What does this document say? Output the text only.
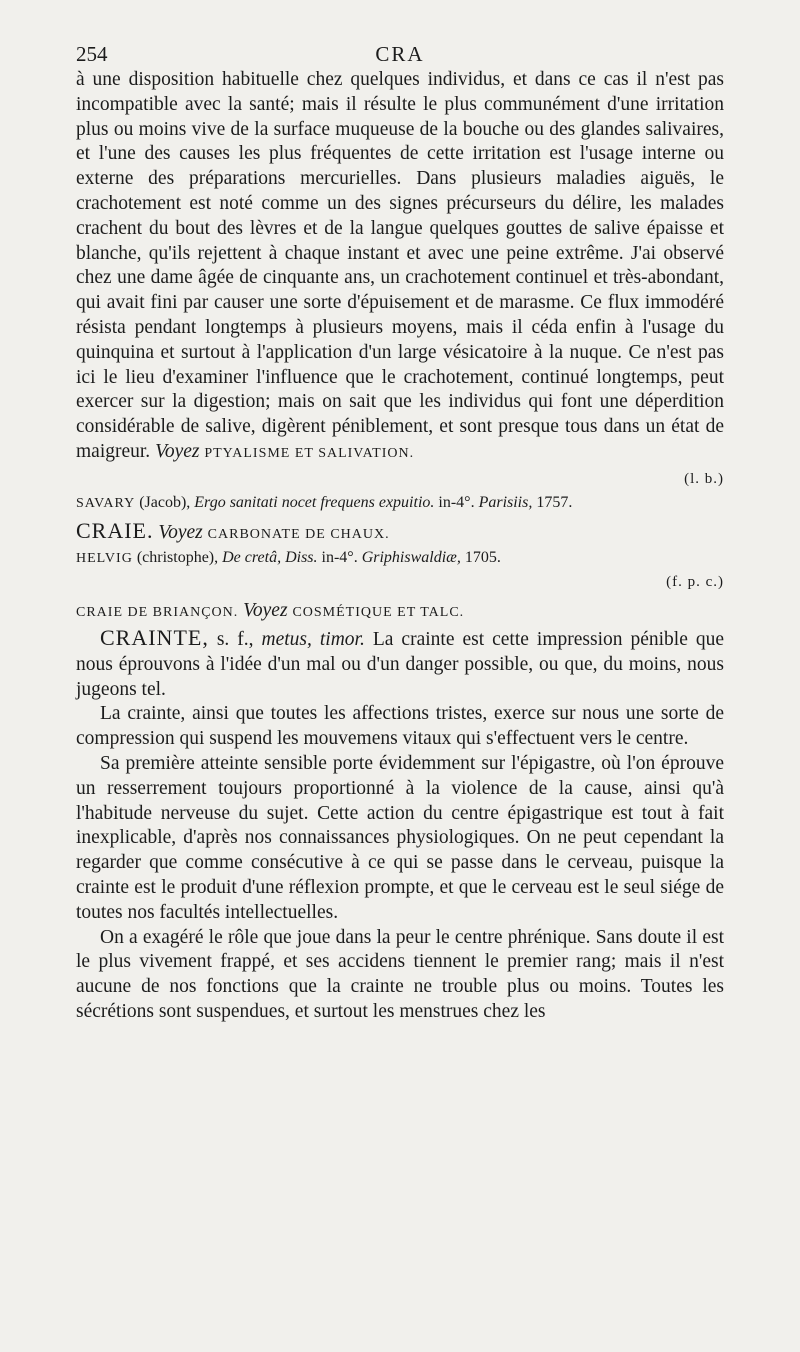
254	CRA
à une disposition habituelle chez quelques individus, et dans ce cas il n'est pas incompatible avec la santé; mais il résulte le plus communément d'une irritation plus ou moins vive de la surface muqueuse de la bouche ou des glandes salivaires, et l'une des causes les plus fréquentes de cette irritation est l'usage interne ou externe des préparations mercurielles. Dans plusieurs maladies aiguës, le crachotement est noté comme un des signes précurseurs du délire, les malades crachent du bout des lèvres et de la langue quelques gouttes de salive épaisse et blanche, qu'ils rejettent à chaque instant et avec une peine extrême. J'ai observé chez une dame âgée de cinquante ans, un crachotement continuel et très-abondant, qui avait fini par causer une sorte d'épuisement et de marasme. Ce flux immodéré résista pendant longtemps à plusieurs moyens, mais il céda enfin à l'usage du quinquina et surtout à l'application d'un large vésicatoire à la nuque. Ce n'est pas ici le lieu d'examiner l'influence que le crachotement, continué longtemps, peut exercer sur la digestion; mais on sait que les individus qui font une déperdition considérable de salive, digèrent péniblement, et sont presque tous dans un état de maigreur. Voyez PTYALISME ET SALIVATION.
(l. b.)
SAVARY (Jacob), Ergo sanitati nocet frequens expuitio. in-4°. Parisiis, 1757.
CRAIE. Voyez CARBONATE DE CHAUX.
HELVIG (christophe), De cretâ, Diss. in-4°. Griphiswaldiæ, 1705.
(f. p. c.)
CRAIE DE BRIANÇON. Voyez COSMÉTIQUE ET TALC.
CRAINTE, s. f., metus, timor. La crainte est cette impression pénible que nous éprouvons à l'idée d'un mal ou d'un danger possible, ou que, du moins, nous jugeons tel.
La crainte, ainsi que toutes les affections tristes, exerce sur nous une sorte de compression qui suspend les mouvemens vitaux qui s'effectuent vers le centre.
Sa première atteinte sensible porte évidemment sur l'épigastre, où l'on éprouve un resserrement toujours proportionné à la violence de la cause, ainsi qu'à l'habitude nerveuse du sujet. Cette action du centre épigastrique est tout à fait inexplicable, d'après nos connaissances physiologiques. On ne peut cependant la regarder que comme consécutive à ce qui se passe dans le cerveau, puisque la crainte est le produit d'une réflexion prompte, et que le cerveau est le seul siége de toutes nos facultés intellectuelles.
On a exagéré le rôle que joue dans la peur le centre phrénique. Sans doute il est le plus vivement frappé, et ses accidens tiennent le premier rang; mais il n'est aucune de nos fonctions que la crainte ne trouble plus ou moins. Toutes les sécrétions sont suspendues, et surtout les menstrues chez les
